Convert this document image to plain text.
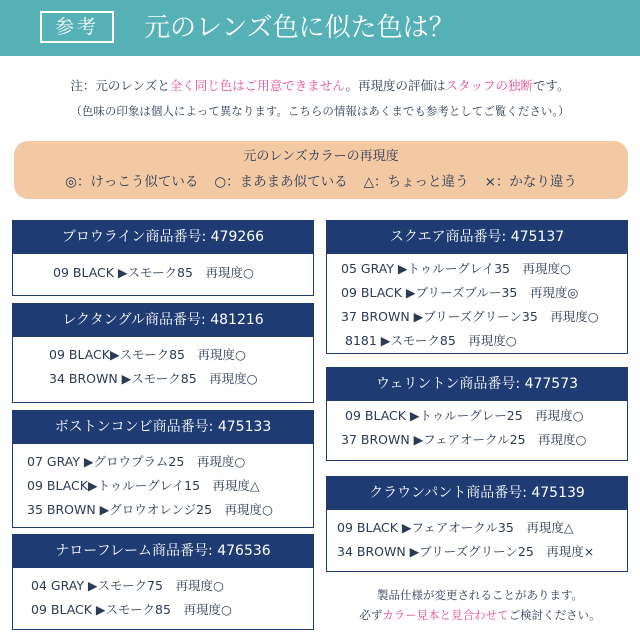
参考	元のレンズ色に似た色は？
注：元のレンズと全く同じ色はご用意できません。再現度の評価はスタッフの独断です。
（色味の印象は個人によって異なります。こちらの情報はあくまでも参考としてご覧ください。）
元のレンズカラーの再現度
◎：けっこう似ている ○：まあまあ似ている △：ちょっと違う ×：かなり違う
ブロウライン商品番号: 479266
09 BLACK ▶スモーク85　再現度○
レクタングル商品番号: 481216
09 BLACK▶スモーク85　再現度○
34 BROWN ▶スモーク85　再現度○
ボストンコンビ商品番号: 475133
07 GRAY ▶グロウプラム25　再現度○
09 BLACK▶トゥルーグレイ15　再現度△
35 BROWN ▶グロウオレンジ25　再現度○
ナローフレーム商品番号: 476536
04 GRAY ▶スモーク75　再現度○
09 BLACK ▶スモーク85　再現度○
スクエア商品番号: 475137
05 GRAY ▶トゥルーグレイ35　再現度○
09 BLACK ▶ブリーズブルー35　再現度◎
37 BROWN ▶ブリーズグリーン35　再現度○
8181 ▶スモーク85　再現度○
ウェリントン商品番号: 477573
09 BLACK ▶トゥルーグレー25　再現度○
37 BROWN ▶フェアオークル25　再現度○
クラウンパント商品番号: 475139
09 BLACK ▶フェアオークル35　再現度△
34 BROWN ▶ブリーズグリーン25　再現度×
製品仕様が変更されることがあります。
必ずカラー見本と見合わせてご検討ください。
